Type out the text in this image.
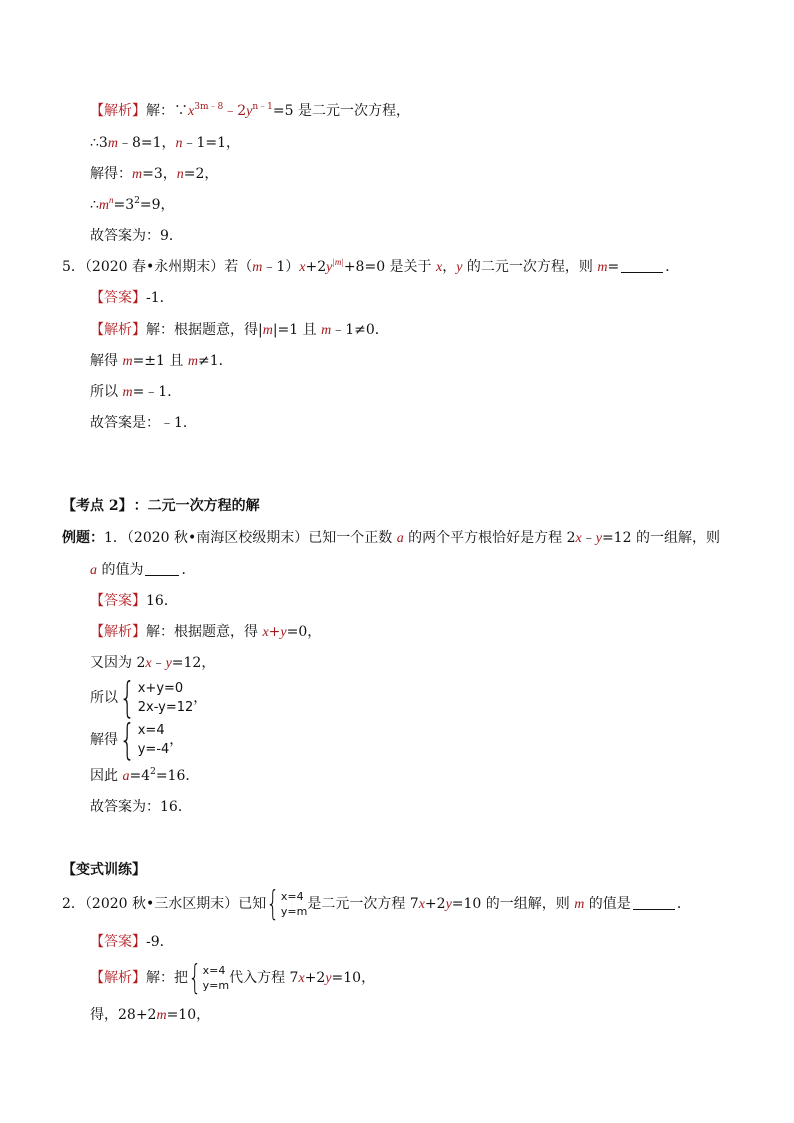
【解析】解：$\because x^{3m﹣8}﹣2y^{n﹣1}=5$ 是二元一次方程，
∴3m﹣8=1，n﹣1=1，
解得：m=3，n=2，
$\therefore m^n=3^2=9$，
故答案为：9．
5．（2020 春•永州期末）若$(m﹣1)x+2y^{|m|}+8=0$ 是关于 x，y 的二元一次方程，则 m=	．
【答案】-1．
【解析】解：根据题意，得|m|=1 且 m﹣1≠0．
解得 m=±1 且 m≠1．
所以 m=﹣1．
故答案是：﹣1．
【考点 2】 ：二元一次方程的解
例题：1．（2020 秋•南海区校级期末）已知一个正数 a 的两个平方根恰好是方程 2x﹣y=12 的一组解，则
a 的值为	．
【答案】16．
【解析】解：根据题意，得 x+y=0，
又因为 2x﹣y=12，
所以 { x+y=0
2x-y=12
，
解得 { x=4
y=-4
，
因此 $a=4^2=16$．
故答案为：16．
【变式训练】
2．（2020 秋•三水区期末）已知 { x=4
y=m 是二元一次方程 7x+2y=10 的一组解，则 m 的值是	．
【答案】-9．
【解析】解：把 { x=4
y=m 代入方程 7x+2y=10，
得，28+2m=10，
